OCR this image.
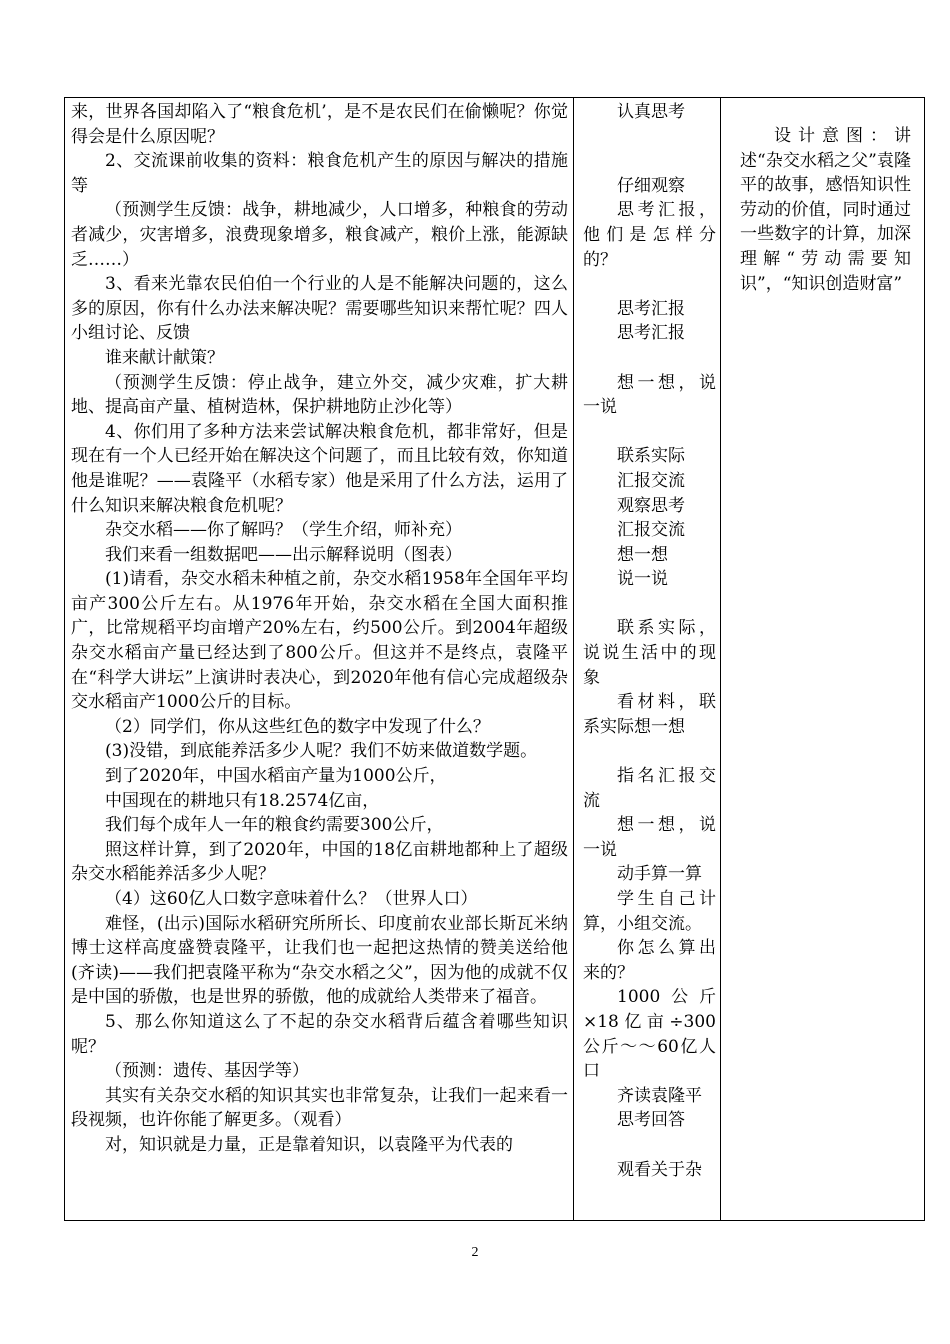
来，世界各国却陷入了“粮食危机’，是不是农民们在偷懒呢？你觉得会是什么原因呢？

2、交流课前收集的资料：粮食危机产生的原因与解决的措施等

（预测学生反馈：战争，耕地减少，人口增多，种粮食的劳动者减少，灾害增多，浪费现象增多，粮食减产，粮价上涨，能源缺乏……）

3、看来光靠农民伯伯一个行业的人是不能解决问题的，这么多的原因，你有什么办法来解决呢？需要哪些知识来帮忙呢？四人小组讨论、反馈

谁来献计献策？

（预测学生反馈：停止战争，建立外交，减少灾难，扩大耕地、提高亩产量、植树造林，保护耕地防止沙化等）

4、你们用了多种方法来尝试解决粮食危机，都非常好，但是现在有一个人已经开始在解决这个问题了，而且比较有效，你知道他是谁呢？——袁隆平（水稻专家）他是采用了什么方法，运用了什么知识来解决粮食危机呢？

杂交水稻——你了解吗？（学生介绍，师补充）

我们来看一组数据吧——出示解释说明（图表）

(1)请看，杂交水稻未种植之前，杂交水稻1958年全国年平均亩产300公斤左右。从1976年开始，杂交水稻在全国大面积推广，比常规稻平均亩增产20%左右，约500公斤。到2004年超级杂交水稻亩产量已经达到了800公斤。但这并不是终点，袁隆平在“科学大讲坛”上演讲时表决心，到2020年他有信心完成超级杂交水稻亩产1000公斤的目标。

（2）同学们，你从这些红色的数字中发现了什么？

(3)没错，到底能养活多少人呢？我们不妨来做道数学题。

到了2020年，中国水稻亩产量为1000公斤，

中国现在的耕地只有18.2574亿亩，

我们每个成年人一年的粮食约需要300公斤，

照这样计算，到了2020年，中国的18亿亩耕地都种上了超级杂交水稻能养活多少人呢？

（4）这60亿人口数字意味着什么？（世界人口）

难怪，(出示)国际水稻研究所所长、印度前农业部长斯瓦米纳博士这样高度盛赞袁隆平，让我们也一起把这热情的赞美送给他(齐读)——我们把袁隆平称为“杂交水稻之父”，因为他的成就不仅是中国的骄傲，也是世界的骄傲，他的成就给人类带来了福音。

5、那么你知道这么了不起的杂交水稻背后蕴含着哪些知识呢？

（预测：遗传、基因学等）

其实有关杂交水稻的知识其实也非常复杂，让我们一起来看一段视频，也许你能了解更多。（观看）

对，知识就是力量，正是靠着知识，以袁隆平为代表的

认真思考

仔细观察

思考汇报，他们是怎样分的？

思考汇报

思考汇报

想一想，说一说

联系实际

汇报交流

观察思考

汇报交流

想一想

说一说

联系实际，说说生活中的现象

看材料，联系实际想一想

指名汇报交流

想一想，说一说

动手算一算

学生自己计算，小组交流。

你怎么算出来的？

1000公斤×18亿亩÷300公斤～～60亿人口

齐读袁隆平

思考回答

观看关于杂

设计意图：讲述“杂交水稻之父”袁隆平的故事，感悟知识性劳动的价值，同时通过一些数字的计算，加深理解“劳动需要知识”，“知识创造财富”

2
